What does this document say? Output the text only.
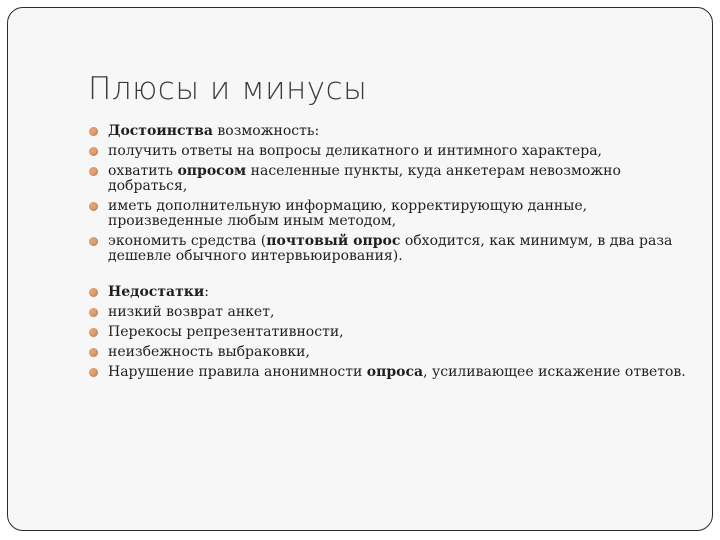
Плюсы и минусы
Достоинства возможность:
получить ответы на вопросы деликатного и интимного характера,
охватить опросом населенные пункты, куда анкетерам невозможно добраться,
иметь дополнительную информацию, корректирующую данные, произведенные любым иным методом,
экономить средства (почтовый опрос обходится, как минимум, в два раза дешевле обычного интервьюирования).
Недостатки:
низкий возврат анкет,
Перекосы репрезентативности,
неизбежность выбраковки,
Нарушение правила анонимности опроса, усиливающее искажение ответов.
